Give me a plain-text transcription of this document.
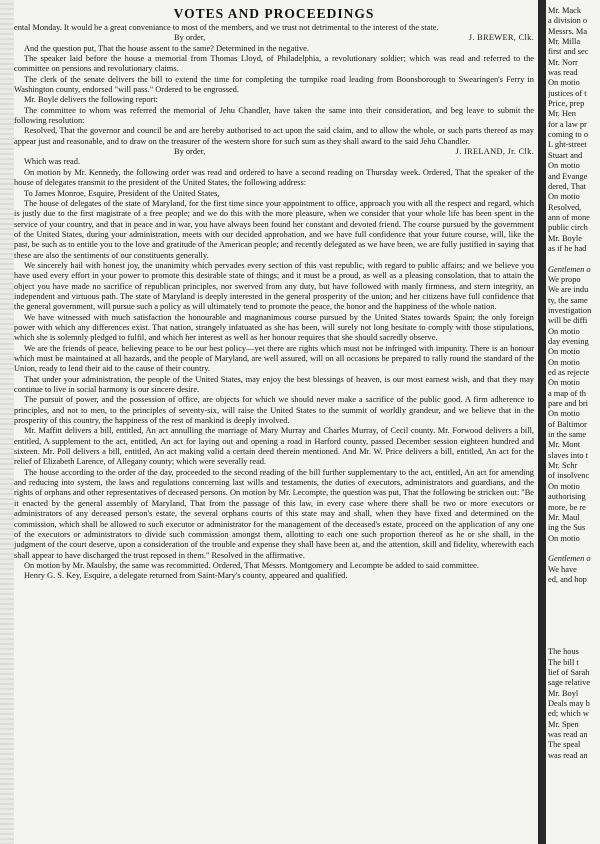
VOTES AND PROCEEDINGS

ental Monday. It would be a great conveniance to most of the members, and we trust not detrimental to the interest of the state.

By order,	J. BREWER, Clk.

And the question put, That the house assent to the same? Determined in the negative.

The speaker laid before the house a memorial from Thomas Lloyd, of Philadelphia, a revolutionary soldier; which was read and referred to the committee on pensions and revolutionary claims.

The clerk of the senate delivers the bill to extend the time for completing the turnpike road leading from Boonsborough to Swearingen's Ferry in Washington county, endorsed "will pass." Ordered to be engrossed.

Mr. Boyle delivers the following report:

The committee to whom was referred the memorial of Jehu Chandler, have taken the same into their consideration, and beg leave to submit the following resolution:

Resolved, That the governor and council be and are hereby authorised to act upon the said claim, and to allow the whole, or such parts thereof as may appear just and reasonable, and to draw on the treasurer of the western shore for such sum as they shall award to the said Jehu Chandler.

By order,	J. IRELAND, Jr. Clk.

Which was read.

On motion by Mr. Kennedy, the following order was read and ordered to have a second reading on Thursday week. Ordered, That the speaker of the house of delegates transmit to the president of the United States, the following address:

To James Monroe, Esquire, President of the United States,

The house of delegates of the state of Maryland, for the first time since your appointment to office, approach you with all the respect and regard, which is justly due to the first magistrate of a free people; and we do this with the more pleasure, when we consider that your whole life has been spent in the service of your country, and that in peace and in war, you have always been found her constant and devoted friend. The course pursued by the government of the United States, during your administration, meets with our decided approbation, and we have full confidence that your future course, will, like the past, be such as to entitle you to the love and gratitude of the American people; and recently delegated as we have been, we are fully justified in saying that these are also the sentiments of our constituents generally.

We sincerely hail with honest joy, the unanimity which pervades every section of this vast republic, with regard to public affairs; and we believe you have used every effort in your power to promote this desirable state of things; and it must be a proud, as well as a pleasing consolation, that to attain the object you have made no sacrifice of republican principles, nor swerved from any duty, but have followed with manly firmness, and stern integrity, an independent and virtuous path. The state of Maryland is deeply interested in the general prosperity of the union; and her citizens have full confidence that the general government, will pursue such a policy as will ultimately tend to promote the peace, the honor and the happiness of the whole nation.

We have witnessed with much satisfaction the honourable and magnanimous course pursued by the United States towards Spain; the only foreign power with which any differences exist. That nation, strangely infatuated as she has been, will surely not long hesitate to comply with those stipulations, which she is solemnly pledged to fulfil, and which her interest as well as her honour requires that she should sacredly observe.

We are the friends of peace, believing peace to be our best policy—yet there are rights which must not be infringed with impunity. There is an honour which must be maintained at all hazards, and the people of Maryland, are well assured, will on all occasions be prepared to rally round the standard of the Union, ready to lend their aid to the cause of their country.

That under your administration, the people of the United States, may enjoy the best blessings of heaven, is our most earnest wish, and that they may continue to live in social harmony is our sincere desire.

The pursuit of power, and the possession of office, are objects for which we should never make a sacrifice of the public good. A firm adherence to principles, and not to men, to the principles of seventy-six, will raise the United States to the summit of worldly grandeur, and we believe that in the prosperity of this country, the happiness of the rest of mankind is deeply involved.

Mr. Maffitt delivers a bill, entitled, An act annulling the marriage of Mary Murray and Charles Murray, of Cecil county. Mr. Forwood delivers a bill, entitled, A supplement to the act, entitled, An act for laying out and opening a road in Harford county, passed December session eighteen hundred and sixteen. Mr. Poll delivers a bill, entitled, An act making valid a certain deed therein mentioned. And Mr. W. Price delivers a bill, entitled, An act for the relief of Elizabeth Larence, of Allegany county; which were severally read.

The house according to the order of the day, proceeded to the second reading of the bill further supplementary to the act, entitled, An act for amending and reducing into system, the laws and regulations concerning last wills and testaments, the duties of executors, administrators and guardians, and the rights of orphans and other representatives of deceased persons. On motion by Mr. Lecompte, the question was put, That the following be stricken out: "Be it enacted by the general assembly of Maryland, That from the passage of this law, in every case where there shall be two or more executors or administrators of any deceased person's estate, the several orphans courts of this state may and shall, when they have fixed and determined on the commission, which shall be allowed to such executor or administrator for the management of the deceased's estate, proceed on the application of any one of the executors or administrators to divide such commission amongst them, allotting to each one such proportion thereof as he or she shall, in the judgment of the court deserve, upon a consideration of the trouble and expense they shall have been at, and the attention, skill and fidelity, wherewith each shall appear to have discharged the trust reposed in them." Resolved in the affirmative.

On motion by Mr. Maulsby, the same was recommitted. Ordered, That Messrs. Montgomery and Lecompte be added to said committee.

Henry G. S. Key, Esquire, a delegate returned from Saint-Mary's county, appeared and qualified.

Mr. Mack
a division o
Messrs. Ma
Mr. Milla
first and sec
Mr. Norr
was read
On motio
justices of t
Price, prep
Mr. Hen
for a law pr
coming to o
L ght-street
Stuart and
On motio
and Evange
dered, That
On motio
Resolved,
ann of mone
public circh
Mr. Boyle
as if he had
Gentlemen o
We propo
We are indu
ty, the same
investigation
will be diffi
On motio
day evening
On motio
On motio
ed as rejecte
On motio
a map of th
pare and bri
On motio
of Baltimor
in the same
Mr. Mont
slaves into t
Mr. Schr
of insolvenc
On motio
authorising
more, be re
Mr. Maul
ing the Sus
On motio
Gentlemen o
We have
ed, and hop
The hous
The bill t
lief of Sarah
sage relative
Mr. Boyl
Deals may b
ed; which w
Mr. Spen
was read an
The speal
was read an
